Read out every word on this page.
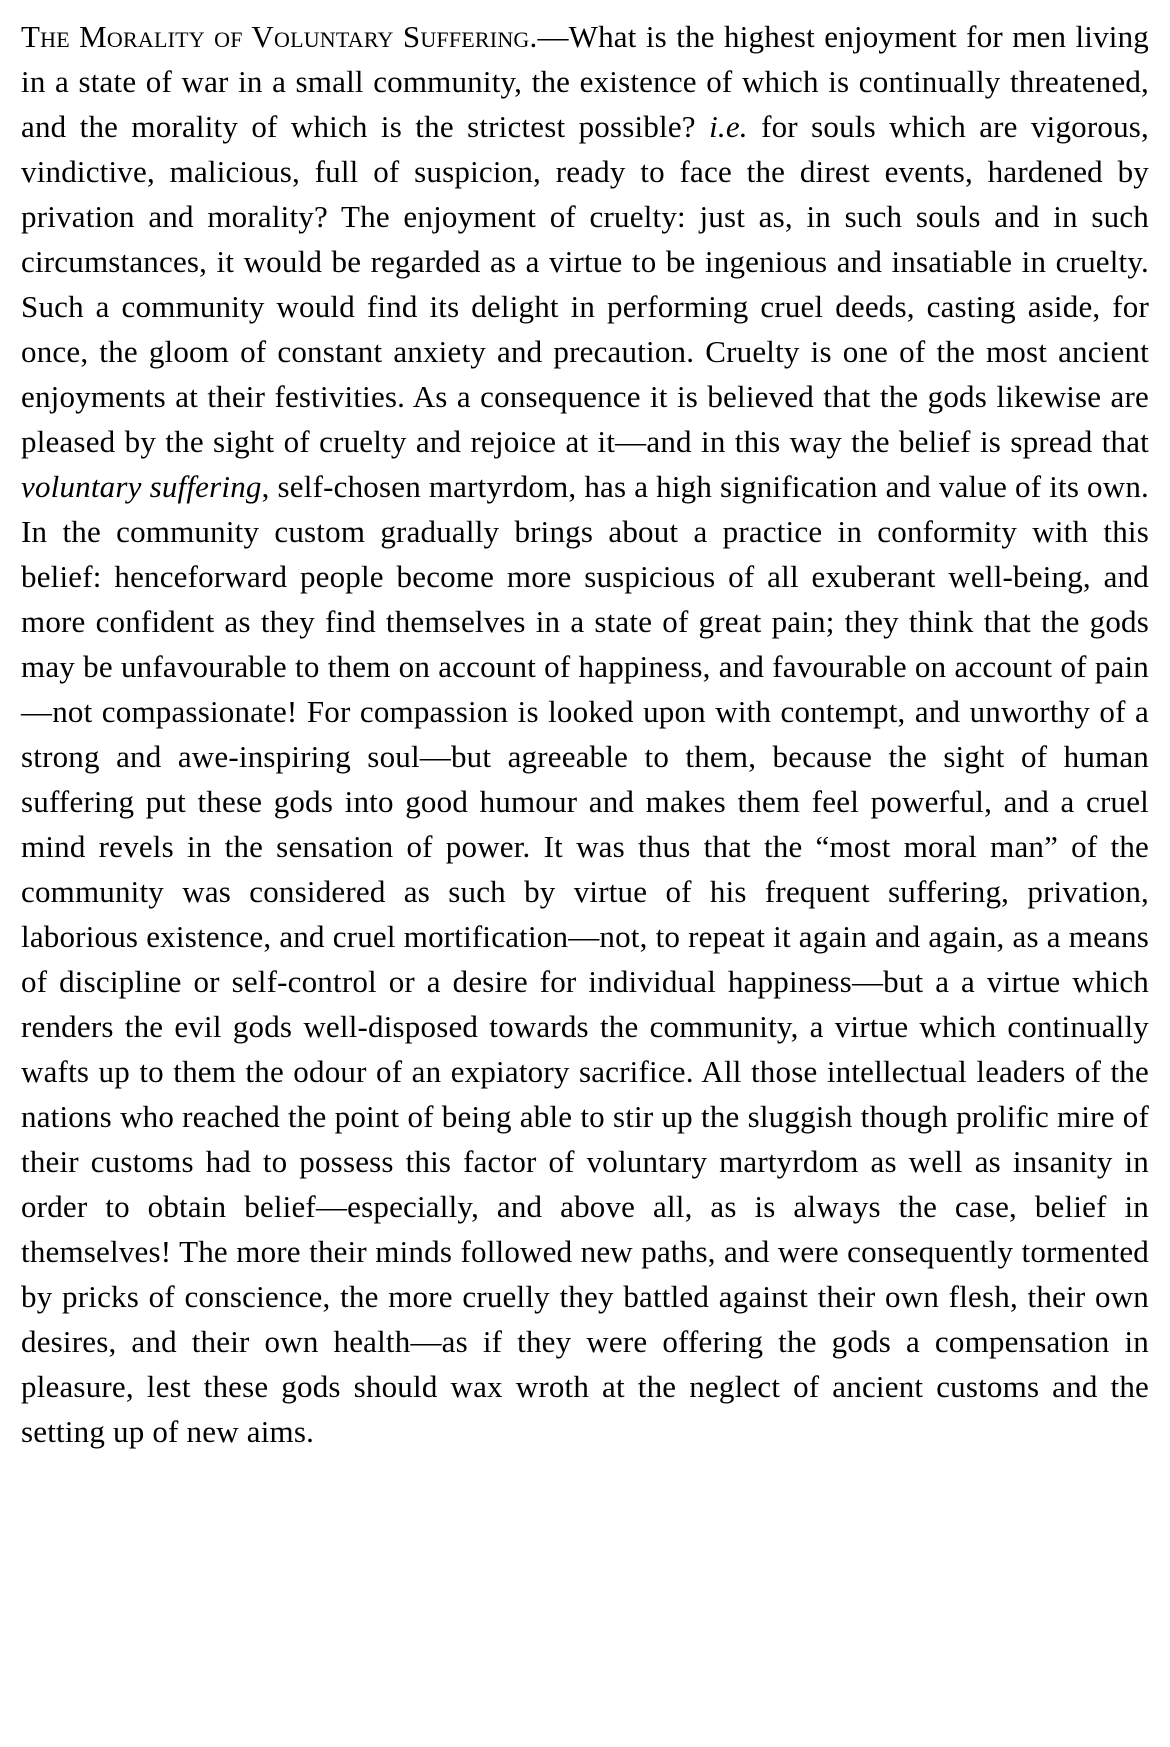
The Morality of Voluntary Suffering.—What is the highest enjoyment for men living in a state of war in a small community, the existence of which is continually threatened, and the morality of which is the strictest possible? i.e. for souls which are vigorous, vindictive, malicious, full of suspicion, ready to face the direst events, hardened by privation and morality? The enjoyment of cruelty: just as, in such souls and in such circumstances, it would be regarded as a virtue to be ingenious and insatiable in cruelty. Such a community would find its delight in performing cruel deeds, casting aside, for once, the gloom of constant anxiety and precaution. Cruelty is one of the most ancient enjoyments at their festivities. As a consequence it is believed that the gods likewise are pleased by the sight of cruelty and rejoice at it—and in this way the belief is spread that voluntary suffering, self-chosen martyrdom, has a high signification and value of its own. In the community custom gradually brings about a practice in conformity with this belief: henceforward people become more suspicious of all exuberant well-being, and more confident as they find themselves in a state of great pain; they think that the gods may be unfavourable to them on account of happiness, and favourable on account of pain—not compassionate! For compassion is looked upon with contempt, and unworthy of a strong and awe-inspiring soul—but agreeable to them, because the sight of human suffering put these gods into good humour and makes them feel powerful, and a cruel mind revels in the sensation of power. It was thus that the “most moral man” of the community was considered as such by virtue of his frequent suffering, privation, laborious existence, and cruel mortification—not, to repeat it again and again, as a means of discipline or self-control or a desire for individual happiness—but a a virtue which renders the evil gods well-disposed towards the community, a virtue which continually wafts up to them the odour of an expiatory sacrifice. All those intellectual leaders of the nations who reached the point of being able to stir up the sluggish though prolific mire of their customs had to possess this factor of voluntary martyrdom as well as insanity in order to obtain belief—especially, and above all, as is always the case, belief in themselves! The more their minds followed new paths, and were consequently tormented by pricks of conscience, the more cruelly they battled against their own flesh, their own desires, and their own health—as if they were offering the gods a compensation in pleasure, lest these gods should wax wroth at the neglect of ancient customs and the setting up of new aims.
